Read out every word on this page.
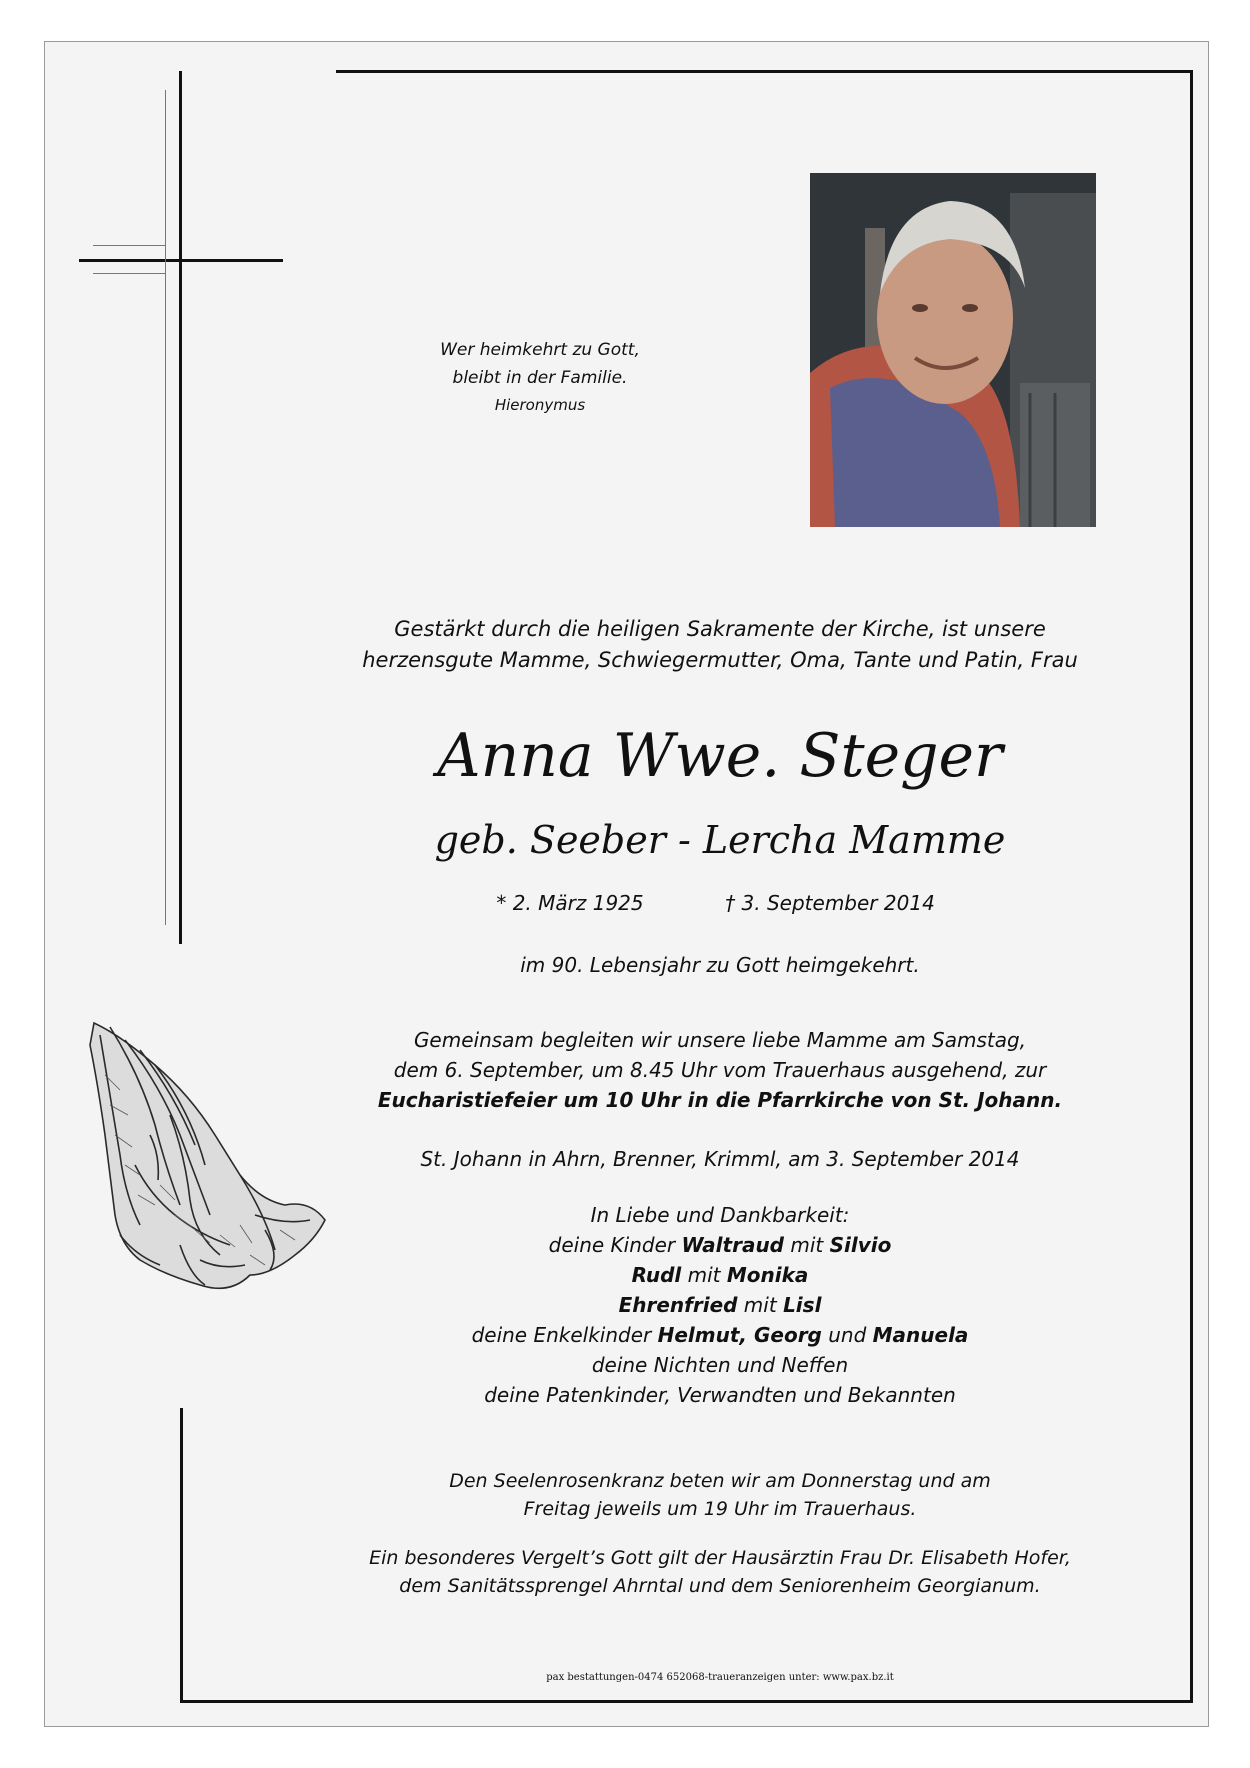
Wer heimkehrt zu Gott,
bleibt in der Familie.
Hieronymus
Gestärkt durch die heiligen Sakramente der Kirche, ist unsere
herzensgute Mamme, Schwiegermutter, Oma, Tante und Patin, Frau
Anna Wwe. Steger
geb. Seeber - Lercha Mamme
* 2. März 1925	† 3. September 2014
im 90. Lebensjahr zu Gott heimgekehrt.
Gemeinsam begleiten wir unsere liebe Mamme am Samstag,
dem 6. September, um 8.45 Uhr vom Trauerhaus ausgehend, zur
Eucharistiefeier um 10 Uhr in die Pfarrkirche von St. Johann.
St. Johann in Ahrn, Brenner, Krimml, am 3. September 2014
In Liebe und Dankbarkeit:
deine Kinder Waltraud mit Silvio
Rudl mit Monika
Ehrenfried mit Lisl
deine Enkelkinder Helmut, Georg und Manuela
deine Nichten und Neffen
deine Patenkinder, Verwandten und Bekannten
Den Seelenrosenkranz beten wir am Donnerstag und am
Freitag jeweils um 19 Uhr im Trauerhaus.
Ein besonderes Vergelt’s Gott gilt der Hausärztin Frau Dr. Elisabeth Hofer,
dem Sanitätssprengel Ahrntal und dem Seniorenheim Georgianum.
pax bestattungen-0474 652068-traueranzeigen unter: www.pax.bz.it
